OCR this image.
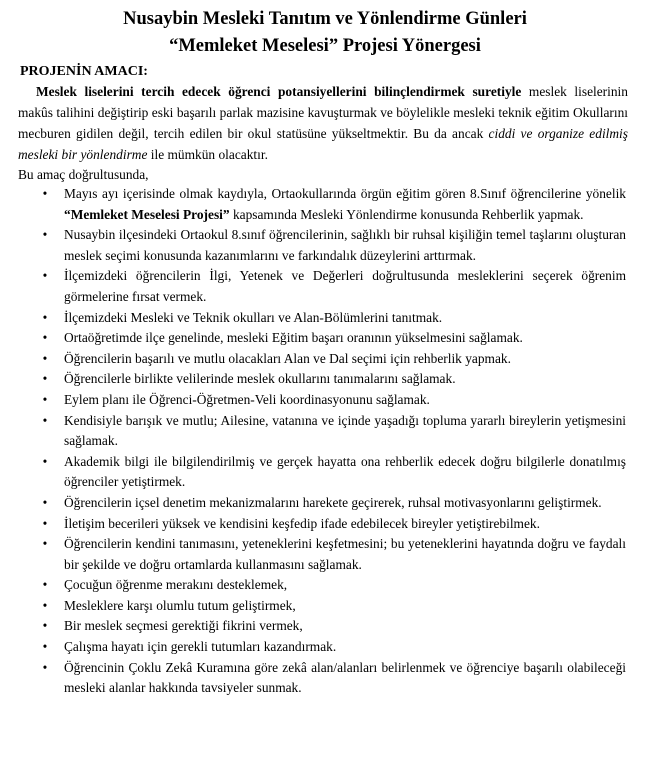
Nusaybin Mesleki Tanıtım ve Yönlendirme Günleri
“Memleket Meselesi” Projesi Yönergesi
PROJENİN AMACI:

Meslek liselerini tercih edecek öğrenci potansiyellerini bilinçlendirmek suretiyle meslek liselerinin makûs talihini değiştirip eski başarılı parlak mazisine kavuşturmak ve böylelikle mesleki teknik eğitim Okullarını mecburen gidilen değil, tercih edilen bir okul statüsüne yükseltmektir. Bu da ancak ciddi ve organize edilmiş mesleki bir yönlendirme ile mümkün olacaktır.

Bu amaç doğrultusunda,

•	Mayıs ayı içerisinde olmak kaydıyla, Ortaokullarında örgün eğitim gören 8.Sınıf öğrencilerine yönelik “Memleket Meselesi Projesi” kapsamında Mesleki Yönlendirme konusunda Rehberlik yapmak.
•	Nusaybin ilçesindeki Ortaokul 8.sınıf öğrencilerinin, sağlıklı bir ruhsal kişiliğin temel taşlarını oluşturan meslek seçimi konusunda kazanımlarını ve farkındalık düzeylerini arttırmak.
•	İlçemizdeki öğrencilerin İlgi, Yetenek ve Değerleri doğrultusunda mesleklerini seçerek öğrenim görmelerine fırsat vermek.
•	İlçemizdeki Mesleki ve Teknik okulları ve Alan-Bölümlerini tanıtmak.
•	Ortaöğretimde ilçe genelinde, mesleki Eğitim başarı oranının yükselmesini sağlamak.
•	Öğrencilerin başarılı ve mutlu olacakları Alan ve Dal seçimi için rehberlik yapmak.
•	Öğrencilerle birlikte velilerinde meslek okullarını tanımalarını sağlamak.
•	Eylem planı ile Öğrenci-Öğretmen-Veli koordinasyonunu sağlamak.
•	Kendisiyle barışık ve mutlu; Ailesine, vatanına ve içinde yaşadığı topluma yararlı bireylerin yetişmesini sağlamak.
•	Akademik bilgi ile bilgilendirilmiş ve gerçek hayatta ona rehberlik edecek doğru bilgilerle donatılmış öğrenciler yetiştirmek.
•	Öğrencilerin içsel denetim mekanizmalarını harekete geçirerek, ruhsal motivasyonlarını geliştirmek.
•	İletişim becerileri yüksek ve kendisini keşfedip ifade edebilecek bireyler yetiştirebilmek.
•	Öğrencilerin kendini tanımasını, yeteneklerini keşfetmesini; bu yeteneklerini hayatında doğru ve faydalı bir şekilde ve doğru ortamlarda kullanmasını sağlamak.
•	Çocuğun öğrenme merakını desteklemek,
•	Mesleklere karşı olumlu tutum geliştirmek,
•	Bir meslek seçmesi gerektiği fikrini vermek,
•	Çalışma hayatı için gerekli tutumları kazandırmak.
•	Öğrencinin Çoklu Zekâ Kuramına göre zekâ alan/alanları belirlenmek ve öğrenciye başarılı olabileceği mesleki alanlar hakkında tavsiyeler sunmak.
